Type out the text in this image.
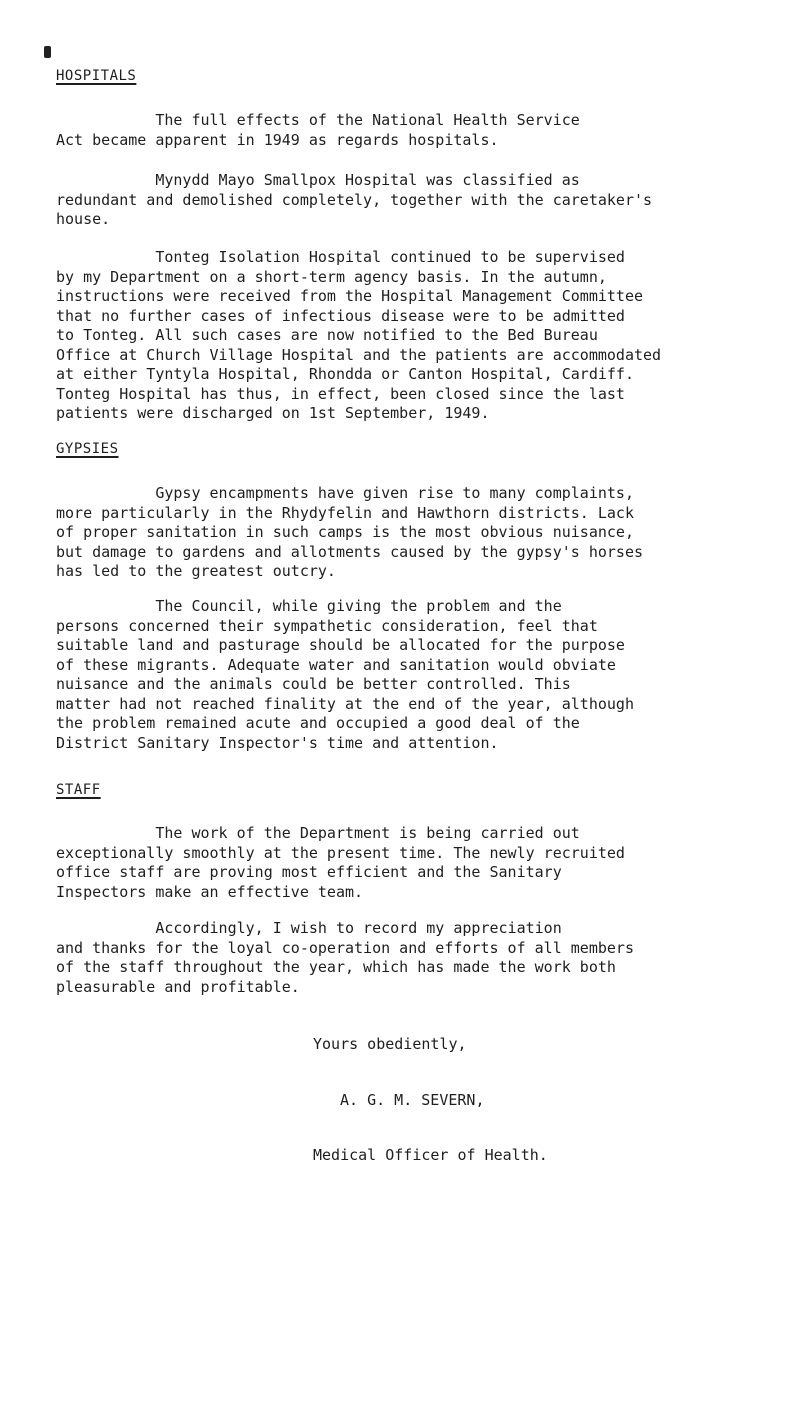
HOSPITALS

The full effects of the National Health Service
Act became apparent in 1949 as regards hospitals.

Mynydd Mayo Smallpox Hospital was classified as
redundant and demolished completely, together with the caretaker's
house.

Tonteg Isolation Hospital continued to be supervised
by my Department on a short-term agency basis. In the autumn,
instructions were received from the Hospital Management Committee
that no further cases of infectious disease were to be admitted
to Tonteg. All such cases are now notified to the Bed Bureau
Office at Church Village Hospital and the patients are accommodated
at either Tyntyla Hospital, Rhondda or Canton Hospital, Cardiff.
Tonteg Hospital has thus, in effect, been closed since the last
patients were discharged on 1st September, 1949.

GYPSIES

Gypsy encampments have given rise to many complaints,
more particularly in the Rhydyfelin and Hawthorn districts. Lack
of proper sanitation in such camps is the most obvious nuisance,
but damage to gardens and allotments caused by the gypsy's horses
has led to the greatest outcry.

The Council, while giving the problem and the
persons concerned their sympathetic consideration, feel that
suitable land and pasturage should be allocated for the purpose
of these migrants. Adequate water and sanitation would obviate
nuisance and the animals could be better controlled. This
matter had not reached finality at the end of the year, although
the problem remained acute and occupied a good deal of the
District Sanitary Inspector's time and attention.

STAFF

The work of the Department is being carried out
exceptionally smoothly at the present time. The newly recruited
office staff are proving most efficient and the Sanitary
Inspectors make an effective team.

Accordingly, I wish to record my appreciation
and thanks for the loyal co-operation and efforts of all members
of the staff throughout the year, which has made the work both
pleasurable and profitable.

Yours obediently,
A. G. M. SEVERN,
Medical Officer of Health.
